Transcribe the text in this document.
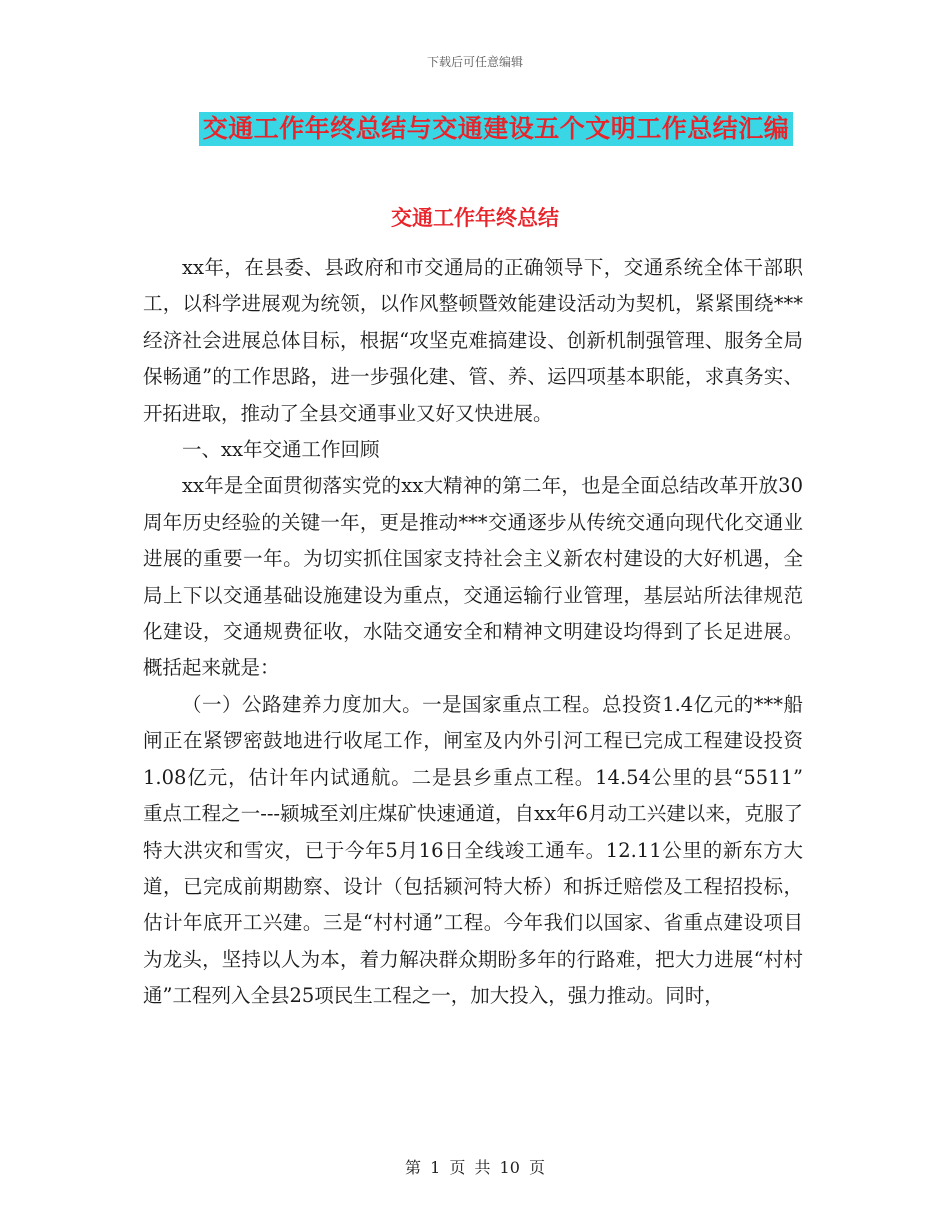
下载后可任意编辑
交通工作年终总结与交通建设五个文明工作总结汇编
交通工作年终总结

xx年，在县委、县政府和市交通局的正确领导下，交通系统全体干部职工，以科学进展观为统领，以作风整顿暨效能建设活动为契机，紧紧围绕***经济社会进展总体目标，根据“攻坚克难搞建设、创新机制强管理、服务全局保畅通”的工作思路，进一步强化建、管、养、运四项基本职能，求真务实、开拓进取，推动了全县交通事业又好又快进展。

一、xx年交通工作回顾

xx年是全面贯彻落实党的xx大精神的第二年，也是全面总结改革开放30周年历史经验的关键一年，更是推动***交通逐步从传统交通向现代化交通业进展的重要一年。为切实抓住国家支持社会主义新农村建设的大好机遇，全局上下以交通基础设施建设为重点，交通运输行业管理，基层站所法律规范化建设，交通规费征收，水陆交通安全和精神文明建设均得到了长足进展。概括起来就是：

（一）公路建养力度加大。一是国家重点工程。总投资1.4亿元的***船闸正在紧锣密鼓地进行收尾工作，闸室及内外引河工程已完成工程建设投资1.08亿元，估计年内试通航。二是县乡重点工程。14.54公里的县“5511” 重点工程之一---颍城至刘庄煤矿快速通道，自xx年6月动工兴建以来，克服了特大洪灾和雪灾，已于今年5月16日全线竣工通车。12.11公里的新东方大道，已完成前期勘察、设计（包括颍河特大桥）和拆迁赔偿及工程招投标，估计年底开工兴建。三是“村村通”工程。今年我们以国家、省重点建设项目为龙头，坚持以人为本，着力解决群众期盼多年的行路难，把大力进展“村村通”工程列入全县25项民生工程之一，加大投入，强力推动。同时，

第 1 页 共 10 页
